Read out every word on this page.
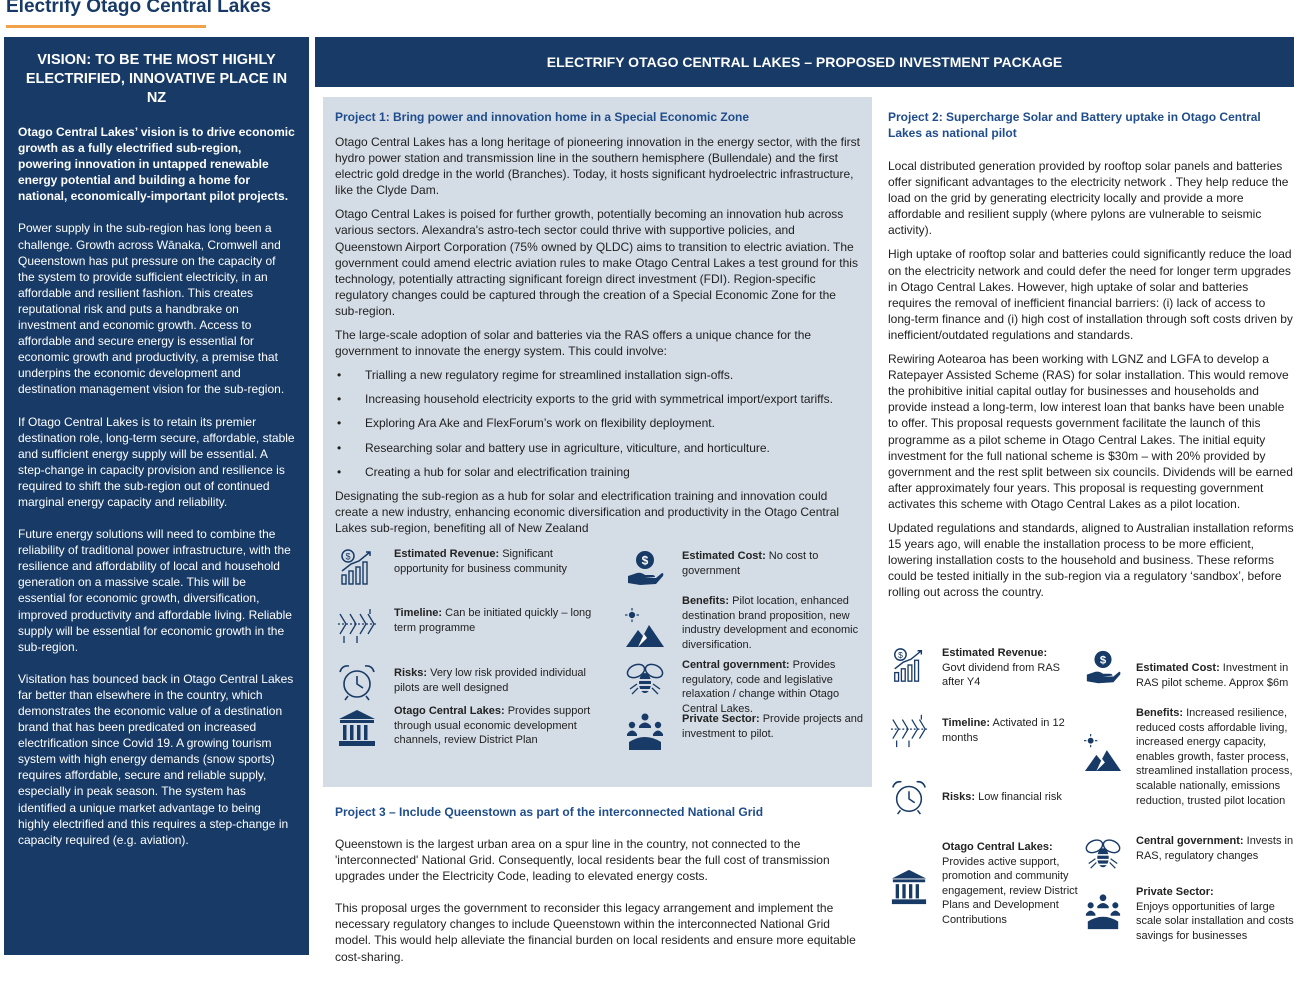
Electrify Otago Central Lakes
VISION: TO BE THE MOST HIGHLY ELECTRIFIED, INNOVATIVE PLACE IN NZ

Otago Central Lakes’ vision is to drive economic growth as a fully electrified sub-region, powering innovation in untapped renewable energy potential and building a home for national, economically-important pilot projects.

Power supply in the sub-region has long been a challenge. Growth across Wānaka, Cromwell and Queenstown has put pressure on the capacity of the system to provide sufficient electricity, in an affordable and resilient fashion. This creates reputational risk and puts a handbrake on investment and economic growth. Access to affordable and secure energy is essential for economic growth and productivity, a premise that underpins the economic development and destination management vision for the sub-region.

If Otago Central Lakes is to retain its premier destination role, long-term secure, affordable, stable and sufficient energy supply will be essential. A step-change in capacity provision and resilience is required to shift the sub-region out of continued marginal energy capacity and reliability.

Future energy solutions will need to combine the reliability of traditional power infrastructure, with the resilience and affordability of local and household generation on a massive scale. This will be essential for economic growth, diversification, improved productivity and affordable living. Reliable supply will be essential for economic growth in the sub-region.

Visitation has bounced back in Otago Central Lakes far better than elsewhere in the country, which demonstrates the economic value of a destination brand that has been predicated on increased electrification since Covid 19. A growing tourism system with high energy demands (snow sports) requires affordable, secure and reliable supply, especially in peak season. The system has identified a unique market advantage to being highly electrified and this requires a step-change in capacity required (e.g. aviation).

ELECTRIFY OTAGO CENTRAL LAKES – PROPOSED INVESTMENT PACKAGE
Project 1: Bring power and innovation home in a Special Economic Zone
Otago Central Lakes has a long heritage of pioneering innovation in the energy sector, with the first hydro power station and transmission line in the southern hemisphere (Bullendale) and the first electric gold dredge in the world (Branches). Today, it hosts significant hydroelectric infrastructure, like the Clyde Dam.
Otago Central Lakes is poised for further growth, potentially becoming an innovation hub across various sectors. Alexandra's astro-tech sector could thrive with supportive policies, and Queenstown Airport Corporation (75% owned by QLDC) aims to transition to electric aviation. The government could amend electric aviation rules to make Otago Central Lakes a test ground for this technology, potentially attracting significant foreign direct investment (FDI). Region-specific regulatory changes could be captured through the creation of a Special Economic Zone for the sub-region.
The large-scale adoption of solar and batteries via the RAS offers a unique chance for the government to innovate the energy system. This could involve:
• Trialling a new regulatory regime for streamlined installation sign-offs.
• Increasing household electricity exports to the grid with symmetrical import/export tariffs.
• Exploring Ara Ake and FlexForum’s work on flexibility deployment.
• Researching solar and battery use in agriculture, viticulture, and horticulture.
• Creating a hub for solar and electrification training
Designating the sub-region as a hub for solar and electrification training and innovation could create a new industry, enhancing economic diversification and productivity in the Otago Central Lakes sub-region, benefiting all of New Zealand
$	Estimated Revenue: Significant opportunity for business community
$	Estimated Cost: No cost to government
Timeline: Can be initiated quickly – long term programme
Benefits: Pilot location, enhanced destination brand proposition, new industry development and economic diversification.
Risks: Very low risk provided individual pilots are well designed
Central government: Provides regulatory, code and legislative relaxation / change within Otago Central Lakes.
Otago Central Lakes: Provides support through usual economic development channels, review District Plan
Private Sector: Provide projects and investment to pilot.
Project 3 – Include Queenstown as part of the interconnected National Grid
Queenstown is the largest urban area on a spur line in the country, not connected to the 'interconnected' National Grid. Consequently, local residents bear the full cost of transmission upgrades under the Electricity Code, leading to elevated energy costs.
This proposal urges the government to reconsider this legacy arrangement and implement the necessary regulatory changes to include Queenstown within the interconnected National Grid model. This would help alleviate the financial burden on local residents and ensure more equitable cost-sharing.
Project 2: Supercharge Solar and Battery uptake in Otago Central Lakes as national pilot
Local distributed generation provided by rooftop solar panels and batteries offer significant advantages to the electricity network . They help reduce the load on the grid by generating electricity locally and provide a more affordable and resilient supply (where pylons are vulnerable to seismic activity).
High uptake of rooftop solar and batteries could significantly reduce the load on the electricity network and could defer the need for longer term upgrades in Otago Central Lakes. However, high uptake of solar and batteries requires the removal of inefficient financial barriers: (i) lack of access to long-term finance and (i) high cost of installation through soft costs driven by inefficient/outdated regulations and standards.
Rewiring Aotearoa has been working with LGNZ and LGFA to develop a Ratepayer Assisted Scheme (RAS) for solar installation. This would remove the prohibitive initial capital outlay for businesses and households and provide instead a long-term, low interest loan that banks have been unable to offer. This proposal requests government facilitate the launch of this programme as a pilot scheme in Otago Central Lakes. The initial equity investment for the full national scheme is $30m – with 20% provided by government and the rest split between six councils. Dividends will be earned after approximately four years. This proposal is requesting government activates this scheme with Otago Central Lakes as a pilot location.
Updated regulations and standards, aligned to Australian installation reforms 15 years ago, will enable the installation process to be more efficient, lowering installation costs to the household and business. These reforms could be tested initially in the sub-region via a regulatory ‘sandbox’, before rolling out across the country.
$	Estimated Revenue:
Govt dividend from RAS after Y4
$
Estimated Cost: Investment in RAS pilot scheme. Approx $6m
Timeline: Activated in 12 months
Benefits: Increased resilience, reduced costs affordable living, increased energy capacity, enables growth, faster process, streamlined installation process, scalable nationally, emissions reduction, trusted pilot location
Risks: Low financial risk
Central government: Invests in RAS, regulatory changes
Otago Central Lakes:
Provides active support, promotion and community engagement, review District Plans and Development Contributions
Private Sector:
Enjoys opportunities of large scale solar installation and costs savings for businesses
